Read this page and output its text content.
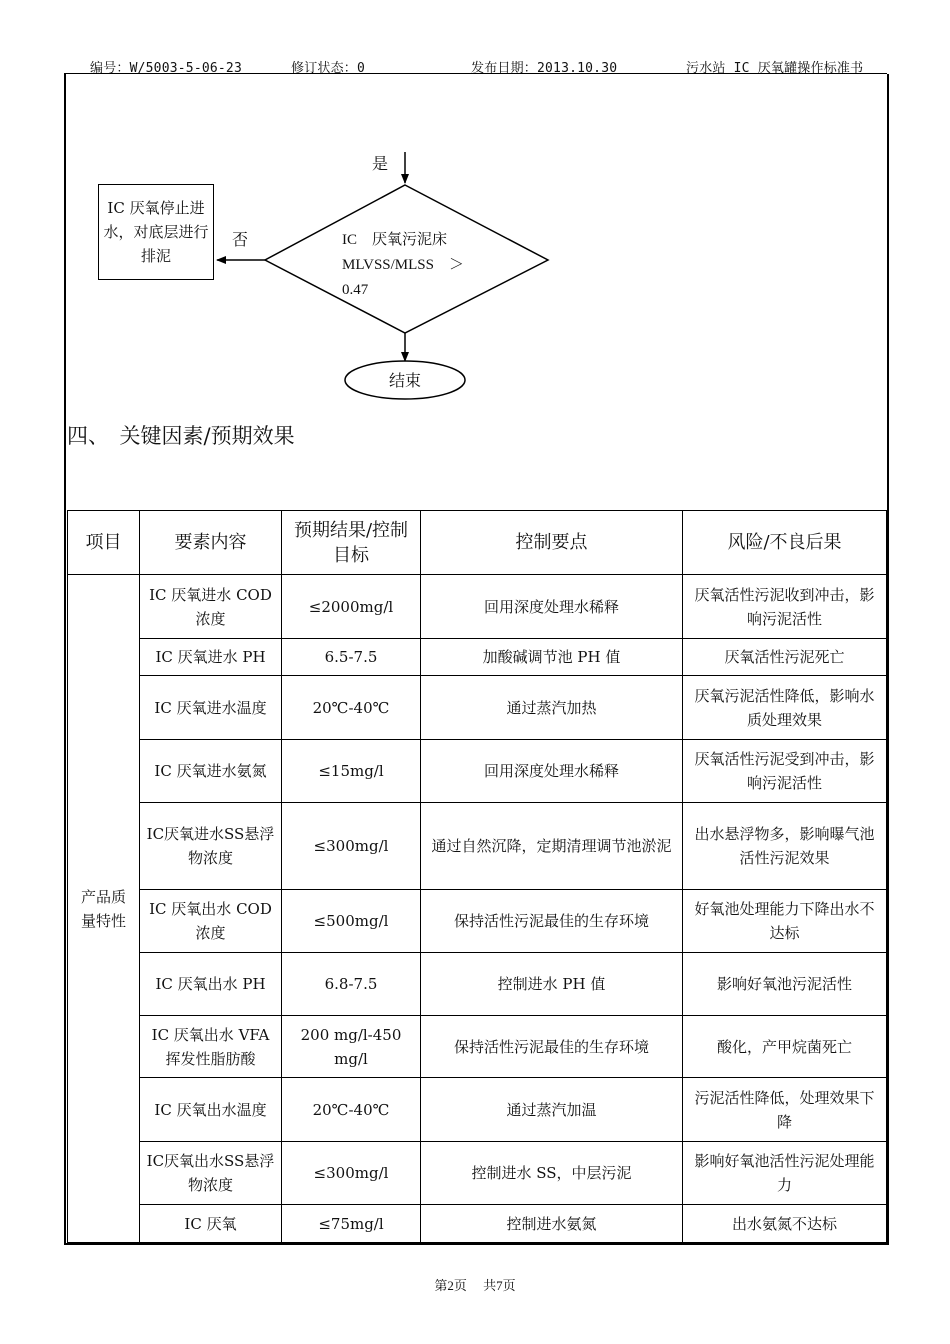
编号：W/5003-5-06-23	修订状态：0	发布日期：2013.10.30	污水站 IC 厌氧罐操作标准书
是
否
IC 厌氧停止进水，对底层进行排泥
IC　厌氧污泥床
MLVSS/MLSS　＞
0.47
结束
四、　关键因素/预期效果
项目	要素内容	预期结果/控制目标	控制要点	风险/不良后果
产品质量特性	IC 厌氧进水 COD 浓度	≤2000mg/l	回用深度处理水稀释	厌氧活性污泥收到冲击，影响污泥活性
	IC 厌氧进水 PH	6.5-7.5	加酸碱调节池 PH 值	厌氧活性污泥死亡
	IC 厌氧进水温度	20℃-40℃	通过蒸汽加热	厌氧污泥活性降低，影响水质处理效果
	IC 厌氧进水氨氮	≤15mg/l	回用深度处理水稀释	厌氧活性污泥受到冲击，影响污泥活性
	IC厌氧进水SS悬浮物浓度	≤300mg/l	通过自然沉降，定期清理调节池淤泥	出水悬浮物多，影响曝气池活性污泥效果
	IC 厌氧出水 COD 浓度	≤500mg/l	保持活性污泥最佳的生存环境	好氧池处理能力下降出水不达标
	IC 厌氧出水 PH	6.8-7.5	控制进水 PH 值	影响好氧池污泥活性
	IC 厌氧出水 VFA 挥发性脂肪酸	200 mg/l-450 mg/l	保持活性污泥最佳的生存环境	酸化，产甲烷菌死亡
	IC 厌氧出水温度	20℃-40℃	通过蒸汽加温	污泥活性降低，处理效果下降
	IC厌氧出水SS悬浮物浓度	≤300mg/l	控制进水 SS，中层污泥	影响好氧池活性污泥处理能力
	IC 厌氧	≤75mg/l	控制进水氨氮	出水氨氮不达标
第2页　 共7页
